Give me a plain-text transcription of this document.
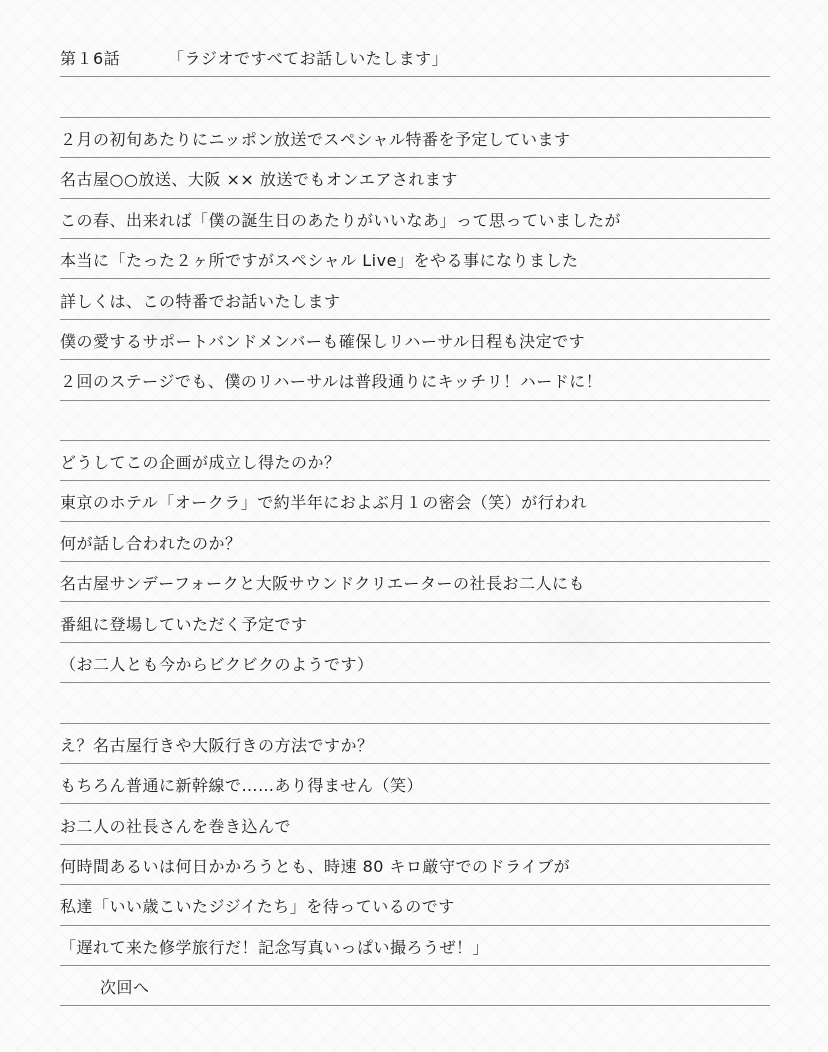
第１6話	「ラジオですべてお話しいたします」
２月の初旬あたりにニッポン放送でスペシャル特番を予定しています
名古屋○○放送、大阪 ×× 放送でもオンエアされます
この春、出来れば「僕の誕生日のあたりがいいなあ」って思っていましたが
本当に「たった２ヶ所ですがスペシャル Live」をやる事になりました
詳しくは、この特番でお話いたします
僕の愛するサポートバンドメンバーも確保しリハーサル日程も決定です
２回のステージでも、僕のリハーサルは普段通りにキッチリ！ハードに！
どうしてこの企画が成立し得たのか？
東京のホテル「オークラ」で約半年におよぶ月１の密会（笑）が行われ
何が話し合われたのか？
名古屋サンデーフォークと大阪サウンドクリエーターの社長お二人にも
番組に登場していただく予定です
（お二人とも今からビクビクのようです）
え？名古屋行きや大阪行きの方法ですか？
もちろん普通に新幹線で……あり得ません（笑）
お二人の社長さんを巻き込んで
何時間あるいは何日かかろうとも、時速 80 キロ厳守でのドライブが
私達「いい歳こいたジジイたち」を待っているのです
「遅れて来た修学旅行だ！記念写真いっぱい撮ろうぜ！」
次回へ
